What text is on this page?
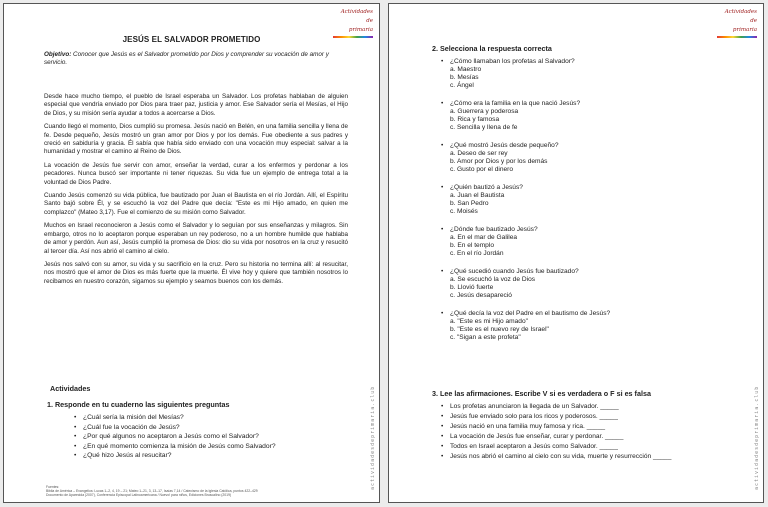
Actividades de
primaria
JESÚS EL SALVADOR PROMETIDO
Objetivo: Conocer que Jesús es el Salvador prometido por Dios y comprender su vocación de amor y servicio.

Desde hace mucho tiempo, el pueblo de Israel esperaba un Salvador. Los profetas hablaban de alguien especial que vendría enviado por Dios para traer paz, justicia y amor. Ese Salvador sería el Mesías, el Hijo de Dios, y su misión sería ayudar a todos a acercarse a Dios.

Cuando llegó el momento, Dios cumplió su promesa. Jesús nació en Belén, en una familia sencilla y llena de fe. Desde pequeño, Jesús mostró un gran amor por Dios y por los demás. Fue obediente a sus padres y creció en sabiduría y gracia. Él sabía que había sido enviado con una vocación muy especial: salvar a la humanidad y mostrar el camino al Reino de Dios.

La vocación de Jesús fue servir con amor, enseñar la verdad, curar a los enfermos y perdonar a los pecadores. Nunca buscó ser importante ni tener riquezas. Su vida fue un ejemplo de entrega total a la voluntad de Dios Padre.

Cuando Jesús comenzó su vida pública, fue bautizado por Juan el Bautista en el río Jordán. Allí, el Espíritu Santo bajó sobre Él, y se escuchó la voz del Padre que decía: "Este es mi Hijo amado, en quien me complazco" (Mateo 3,17). Fue el comienzo de su misión como Salvador.

Muchos en Israel reconocieron a Jesús como el Salvador y lo seguían por sus enseñanzas y milagros. Sin embargo, otros no lo aceptaron porque esperaban un rey poderoso, no a un hombre humilde que hablaba de amor y perdón. Aun así, Jesús cumplió la promesa de Dios: dio su vida por nosotros en la cruz y resucitó al tercer día. Así nos abrió el camino al cielo.

Jesús nos salvó con su amor, su vida y su sacrificio en la cruz. Pero su historia no termina allí: al resucitar, nos mostró que el amor de Dios es más fuerte que la muerte. Él vive hoy y quiere que también nosotros lo recibamos en nuestro corazón, sigamos su ejemplo y seamos buenos con los demás.

Actividades
1. Responde en tu cuaderno las siguientes preguntas
• ¿Cuál sería la misión del Mesías?
• ¿Cuál fue la vocación de Jesús?
• ¿Por qué algunos no aceptaron a Jesús como el Salvador?
• ¿En qué momento comienza la misión de Jesús como Salvador?
• ¿Qué hizo Jesús al resucitar?
Fuentes:
Biblia de América – Evangelios: Lucas 1–2, 4, 19 – 21; Mateo 1–21, 3, 13–17, Isaías 7,14 / Catecismo de la Iglesia Católica, puntos 422–429
Documento de Aparecida (2007), Conferencia Episcopal Latinoamericana / Nuevo! para niños, Ediciones Bruscalino (2019)
actividadesdeprimaria.club
Actividades de
primaria
2. Selecciona la respuesta correcta
• ¿Cómo llamaban los profetas al Salvador?
a. Maestro
b. Mesías
c. Ángel
• ¿Cómo era la familia en la que nació Jesús?
a. Guerrera y poderosa
b. Rica y famosa
c. Sencilla y llena de fe
• ¿Qué mostró Jesús desde pequeño?
a. Deseo de ser rey
b. Amor por Dios y por los demás
c. Gusto por el dinero
• ¿Quién bautizó a Jesús?
a. Juan el Bautista
b. San Pedro
c. Moisés
• ¿Dónde fue bautizado Jesús?
a. En el mar de Galilea
b. En el templo
c. En el río Jordán
• ¿Qué sucedió cuando Jesús fue bautizado?
a. Se escuchó la voz de Dios
b. Llovió fuerte
c. Jesús desapareció
• ¿Qué decía la voz del Padre en el bautismo de Jesús?
a. "Este es mi Hijo amado"
b. "Este es el nuevo rey de Israel"
c. "Sigan a este profeta"
3. Lee las afirmaciones. Escribe V si es verdadera o F si es falsa
• Los profetas anunciaron la llegada de un Salvador. _____
• Jesús fue enviado solo para los ricos y poderosos. _____
• Jesús nació en una familia muy famosa y rica. _____
• La vocación de Jesús fue enseñar, curar y perdonar. _____
• Todos en Israel aceptaron a Jesús como Salvador. _____
• Jesús nos abrió el camino al cielo con su vida, muerte y resurrección _____	actividadesdeprimaria.club
